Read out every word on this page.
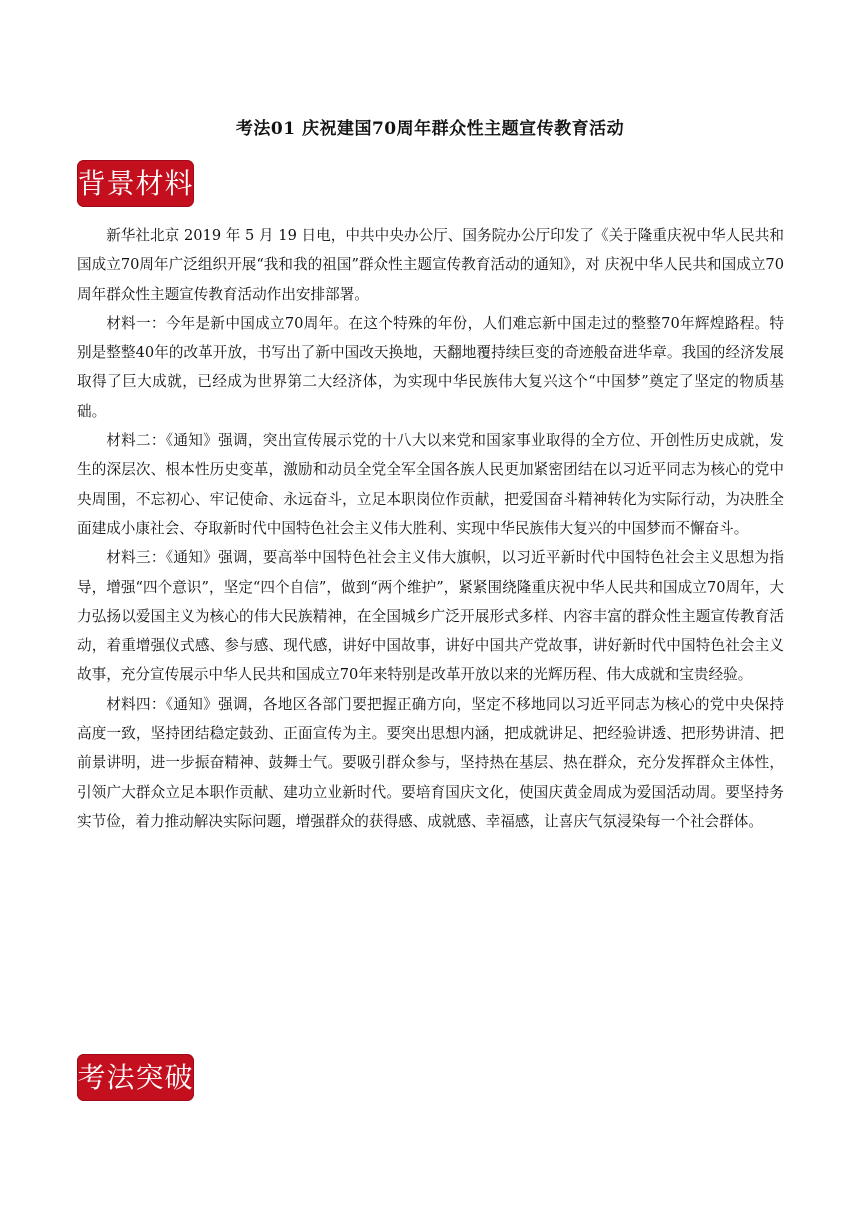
考法01 庆祝建国70周年群众性主题宣传教育活动
背景材料

新华社北京 2019 年 5 月 19 日电，中共中央办公厅、国务院办公厅印发了《关于隆重庆祝中华人民共和国成立70周年广泛组织开展“我和我的祖国”群众性主题宣传教育活动的通知》，对 庆祝中华人民共和国成立70周年群众性主题宣传教育活动作出安排部署。

材料一：今年是新中国成立70周年。在这个特殊的年份，人们难忘新中国走过的整整70年辉煌路程。特别是整整40年的改革开放，书写出了新中国改天换地，天翻地覆持续巨变的奇迹般奋进华章。我国的经济发展取得了巨大成就，已经成为世界第二大经济体，为实现中华民族伟大复兴这个“中国梦”奠定了坚定的物质基础。

材料二：《通知》强调，突出宣传展示党的十八大以来党和国家事业取得的全方位、开创性历史成就，发生的深层次、根本性历史变革，激励和动员全党全军全国各族人民更加紧密团结在以习近平同志为核心的党中央周围，不忘初心、牢记使命、永远奋斗，立足本职岗位作贡献，把爱国奋斗精神转化为实际行动，为决胜全面建成小康社会、夺取新时代中国特色社会主义伟大胜利、实现中华民族伟大复兴的中国梦而不懈奋斗。

材料三：《通知》强调，要高举中国特色社会主义伟大旗帜，以习近平新时代中国特色社会主义思想为指导，增强“四个意识”，坚定“四个自信”，做到“两个维护”，紧紧围绕隆重庆祝中华人民共和国成立70周年，大力弘扬以爱国主义为核心的伟大民族精神，在全国城乡广泛开展形式多样、内容丰富的群众性主题宣传教育活动，着重增强仪式感、参与感、现代感，讲好中国故事，讲好中国共产党故事，讲好新时代中国特色社会主义故事，充分宣传展示中华人民共和国成立70年来特别是改革开放以来的光辉历程、伟大成就和宝贵经验。

材料四：《通知》强调，各地区各部门要把握正确方向，坚定不移地同以习近平同志为核心的党中央保持高度一致，坚持团结稳定鼓劲、正面宣传为主。要突出思想内涵，把成就讲足、把经验讲透、把形势讲清、把前景讲明，进一步振奋精神、鼓舞士气。要吸引群众参与，坚持热在基层、热在群众，充分发挥群众主体性，引领广大群众立足本职作贡献、建功立业新时代。要培育国庆文化，使国庆黄金周成为爱国活动周。要坚持务实节俭，着力推动解决实际问题，增强群众的获得感、成就感、幸福感，让喜庆气氛浸染每一个社会群体。

考法突破
